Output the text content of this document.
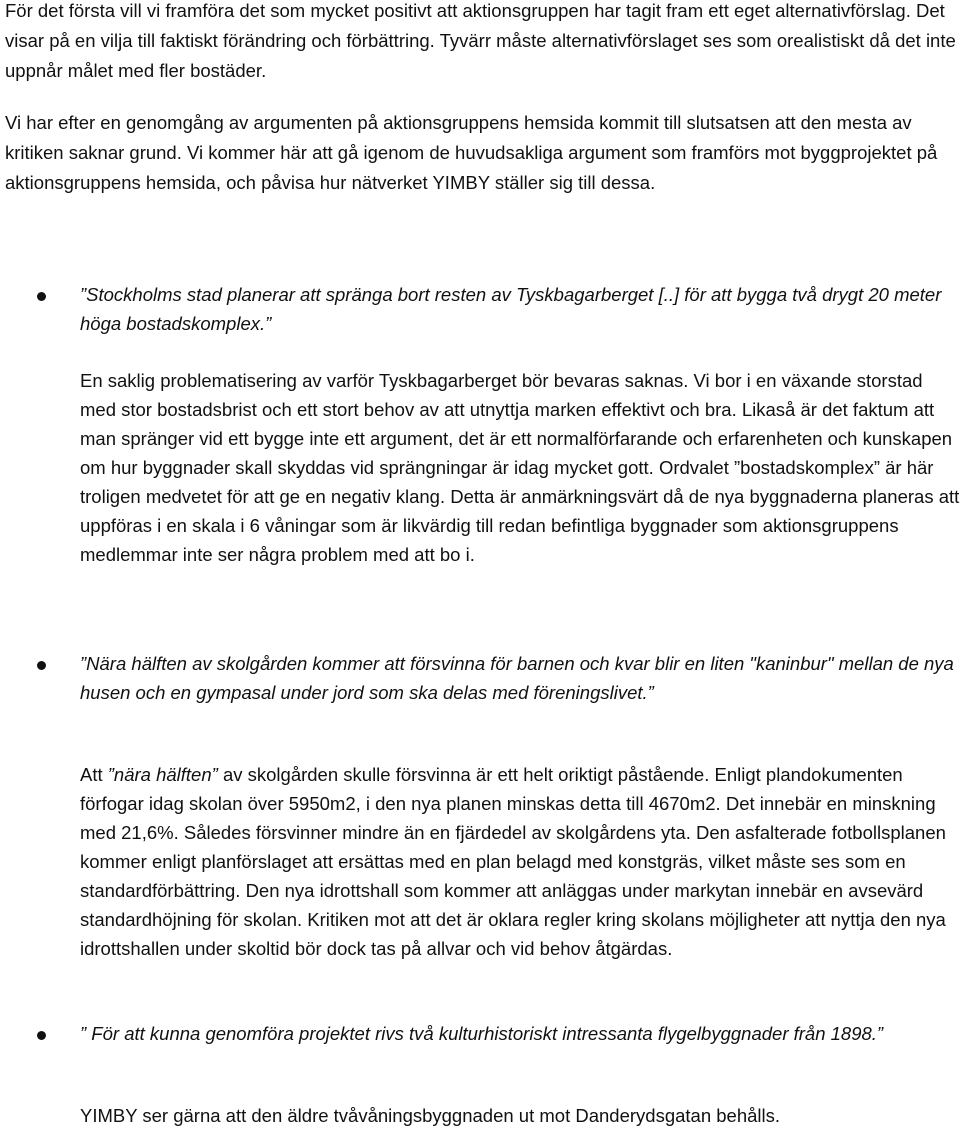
För det första vill vi framföra det som mycket positivt att aktionsgruppen har tagit fram ett eget alternativförslag. Det visar på en vilja till faktiskt förändring och förbättring. Tyvärr måste alternativförslaget ses som orealistiskt då det inte uppnår målet med fler bostäder.

Vi har efter en genomgång av argumenten på aktionsgruppens hemsida kommit till slutsatsen att den mesta av kritiken saknar grund. Vi kommer här att gå igenom de huvudsakliga argument som framförs mot byggprojektet på aktionsgruppens hemsida, och påvisa hur nätverket YIMBY ställer sig till dessa.

”Stockholms stad planerar att spränga bort resten av Tyskbagarberget [..] för att bygga två drygt 20 meter höga bostadskomplex.”

En saklig problematisering av varför Tyskbagarberget bör bevaras saknas. Vi bor i en växande storstad med stor bostadsbrist och ett stort behov av att utnyttja marken effektivt och bra. Likaså är det faktum att man spränger vid ett bygge inte ett argument, det är ett normalförfarande och erfarenheten och kunskapen om hur byggnader skall skyddas vid sprängningar är idag mycket gott. Ordvalet ”bostadskomplex” är här troligen medvetet för att ge en negativ klang. Detta är anmärkningsvärt då de nya byggnaderna planeras att uppföras i en skala i 6 våningar som är likvärdig till redan befintliga byggnader som aktionsgruppens medlemmar inte ser några problem med att bo i.

”Nära hälften av skolgården kommer att försvinna för barnen och kvar blir en liten "kaninbur" mellan de nya husen och en gympasal under jord som ska delas med föreningslivet.”

Att ”nära hälften” av skolgården skulle försvinna är ett helt oriktigt påstående. Enligt plandokumenten förfogar idag skolan över 5950m2, i den nya planen minskas detta till 4670m2. Det innebär en minskning med 21,6%. Således försvinner mindre än en fjärdedel av skolgårdens yta. Den asfalterade fotbollsplanen kommer enligt planförslaget att ersättas med en plan belagd med konstgräs, vilket måste ses som en standardförbättring. Den nya idrottshall som kommer att anläggas under markytan innebär en avsevärd standardhöjning för skolan. Kritiken mot att det är oklara regler kring skolans möjligheter att nyttja den nya idrottshallen under skoltid bör dock tas på allvar och vid behov åtgärdas.

” För att kunna genomföra projektet rivs två kulturhistoriskt intressanta flygelbyggnader från 1898.”

YIMBY ser gärna att den äldre tvåvåningsbyggnaden ut mot Danderydsgatan behålls.
